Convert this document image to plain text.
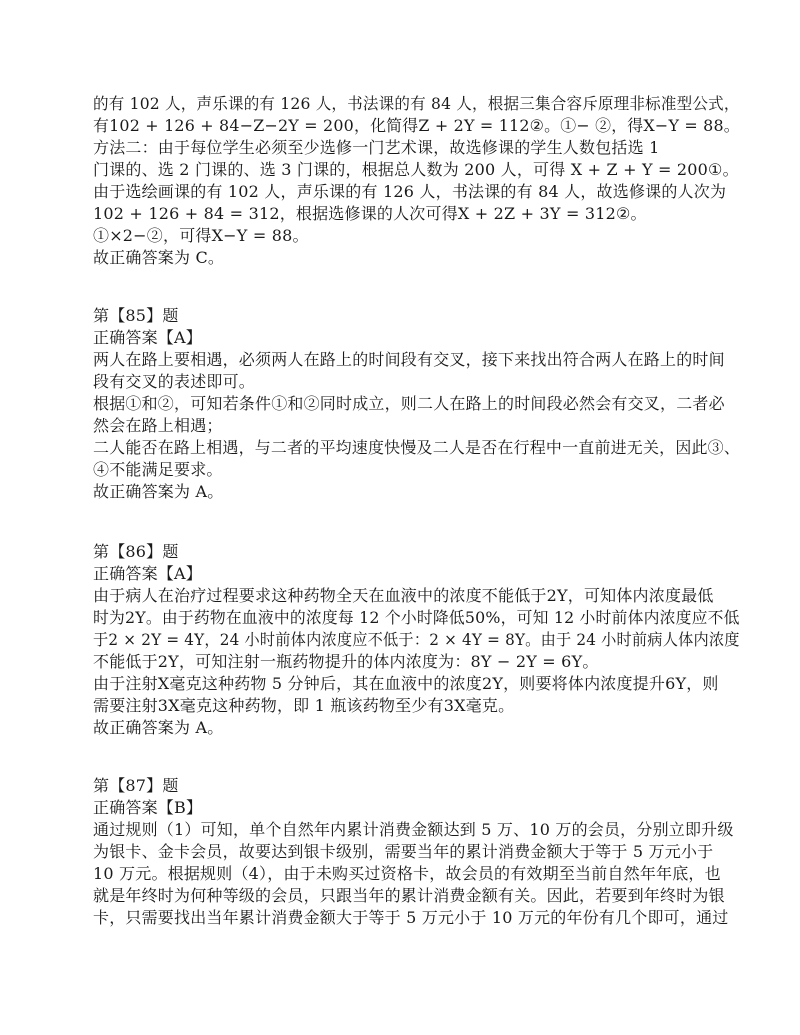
的有 102 人，声乐课的有 126 人，书法课的有 84 人，根据三集合容斥原理非标准型公式，
有102 + 126 + 84−Z−2Y = 200，化简得Z + 2Y = 112②。①− ②，得X−Y = 88。
方法二：由于每位学生必须至少选修一门艺术课，故选修课的学生人数包括选 1
门课的、选 2 门课的、选 3 门课的，根据总人数为 200 人，可得 X + Z + Y = 200①。
由于选绘画课的有 102 人，声乐课的有 126 人，书法课的有 84 人，故选修课的人次为
102 + 126 + 84 = 312，根据选修课的人次可得X + 2Z + 3Y = 312②。
①×2−②，可得X−Y = 88。
故正确答案为 C。
第【85】题
正确答案【A】
两人在路上要相遇，必须两人在路上的时间段有交叉，接下来找出符合两人在路上的时间
段有交叉的表述即可。
根据①和②，可知若条件①和②同时成立，则二人在路上的时间段必然会有交叉，二者必
然会在路上相遇；
二人能否在路上相遇，与二者的平均速度快慢及二人是否在行程中一直前进无关，因此③、
④不能满足要求。
故正确答案为 A。
第【86】题
正确答案【A】
由于病人在治疗过程要求这种药物全天在血液中的浓度不能低于2Y，可知体内浓度最低
时为2Y。由于药物在血液中的浓度每 12 个小时降低50%，可知 12 小时前体内浓度应不低
于2 × 2Y = 4Y，24 小时前体内浓度应不低于：2 × 4Y = 8Y。由于 24 小时前病人体内浓度
不能低于2Y，可知注射一瓶药物提升的体内浓度为：8Y − 2Y = 6Y。
由于注射X毫克这种药物 5 分钟后，其在血液中的浓度2Y，则要将体内浓度提升6Y，则
需要注射3X毫克这种药物，即 1 瓶该药物至少有3X毫克。
故正确答案为 A。
第【87】题
正确答案【B】
通过规则（1）可知，单个自然年内累计消费金额达到 5 万、10 万的会员，分别立即升级
为银卡、金卡会员，故要达到银卡级别，需要当年的累计消费金额大于等于 5 万元小于
10 万元。根据规则（4），由于未购买过资格卡，故会员的有效期至当前自然年年底，也
就是年终时为何种等级的会员，只跟当年的累计消费金额有关。因此，若要到年终时为银
卡，只需要找出当年累计消费金额大于等于 5 万元小于 10 万元的年份有几个即可，通过
